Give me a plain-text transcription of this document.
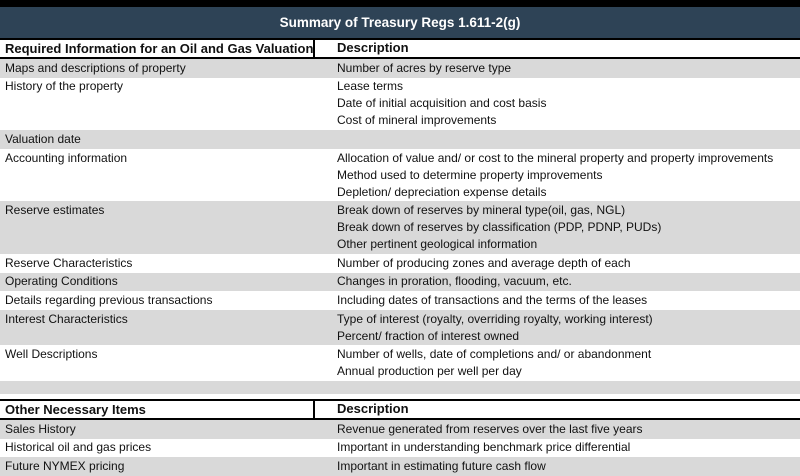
Summary of Treasury Regs 1.611-2(g)
Required Information for an Oil and Gas Valuation	Description
Maps and descriptions of property	Number of acres by reserve type
History of the property	Lease terms
Date of initial acquisition and cost basis
Cost of mineral improvements
Valuation date
Accounting information	Allocation of value and/ or cost to the mineral property and property improvements
Method used to determine property improvements
Depletion/ depreciation expense details
Reserve estimates	Break down of reserves by mineral type(oil, gas, NGL)
Break down of reserves by classification (PDP, PDNP, PUDs)
Other pertinent geological information
Reserve Characteristics	Number of producing zones and average depth of each
Operating Conditions	Changes in proration, flooding, vacuum, etc.
Details regarding previous transactions	Including dates of transactions and the terms of the leases
Interest Characteristics	Type of interest (royalty, overriding royalty, working interest)
Percent/ fraction of interest owned
Well Descriptions	Number of wells, date of completions and/ or abandonment
Annual production per well per day
Other Necessary Items	Description
Sales History	Revenue generated from reserves over the last five years
Historical oil and gas prices	Important in understanding benchmark price differential
Future NYMEX pricing	Important in estimating future cash flow
